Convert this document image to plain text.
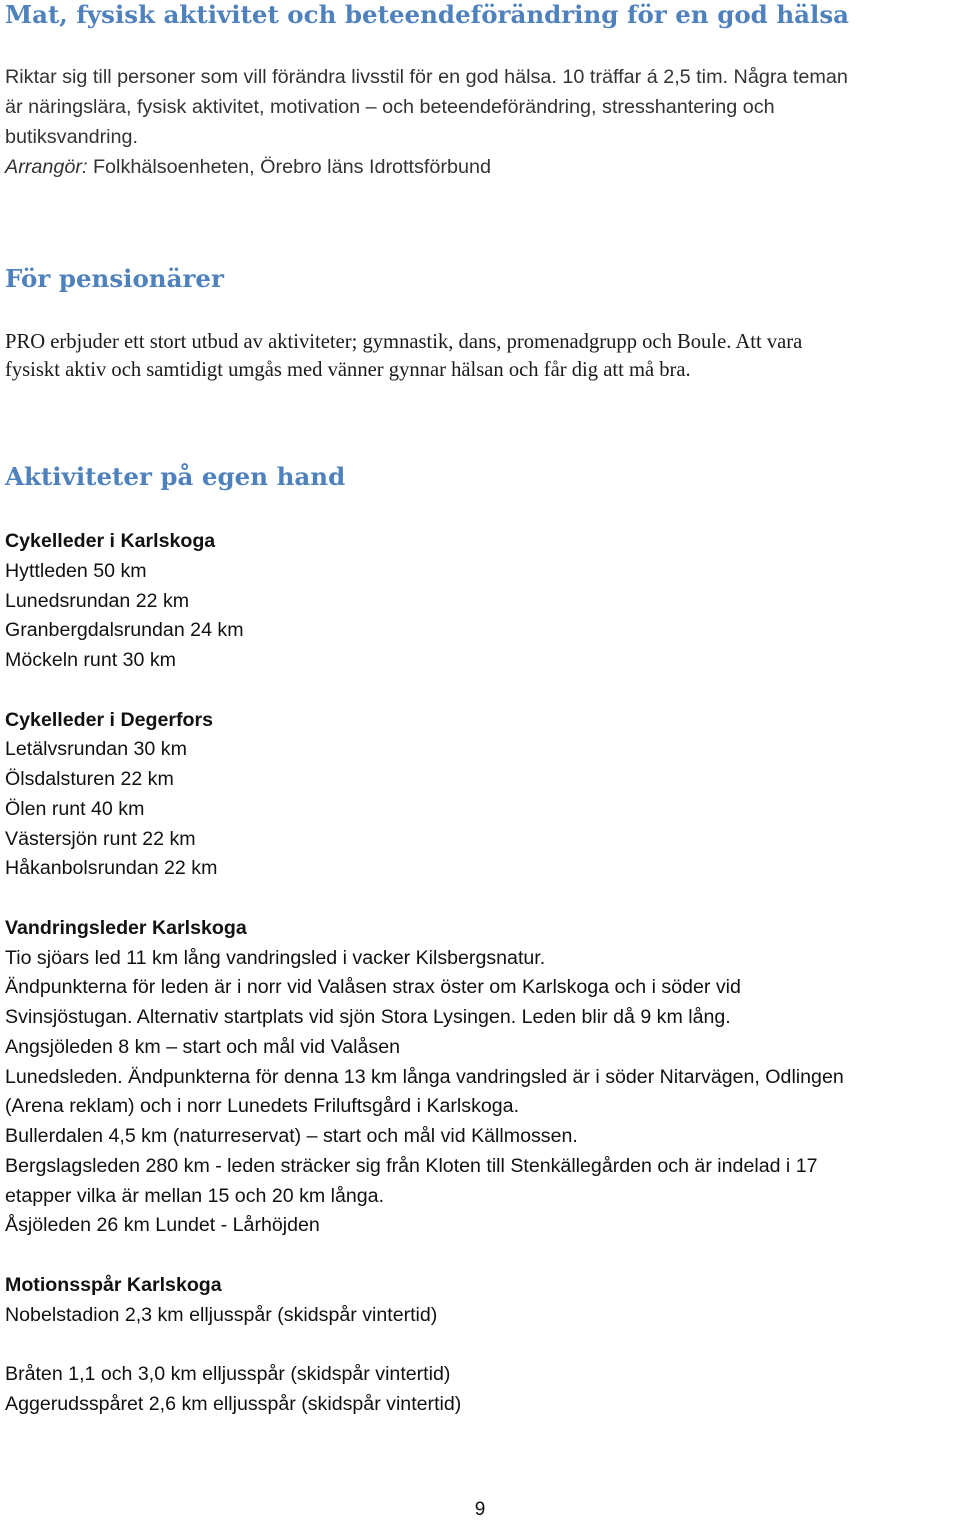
Mat, fysisk aktivitet och beteendeförändring för en god hälsa
Riktar sig till personer som vill förändra livsstil för en god hälsa. 10 träffar á 2,5 tim. Några teman
är näringslära, fysisk aktivitet, motivation – och beteendeförändring, stresshantering och
butiksvandring.
Arrangör: Folkhälsoenheten, Örebro läns Idrottsförbund
För pensionärer
PRO erbjuder ett stort utbud av aktiviteter; gymnastik, dans, promenadgrupp och Boule. Att vara
fysiskt aktiv och samtidigt umgås med vänner gynnar hälsan och får dig att må bra.
Aktiviteter på egen hand
Cykelleder i Karlskoga
Hyttleden 50 km
Lunedsrundan 22 km
Granbergdalsrundan 24 km
Möckeln runt 30 km
Cykelleder i Degerfors
Letälvsrundan 30 km
Ölsdalsturen 22 km
Ölen runt 40 km
Västersjön runt 22 km
Håkanbolsrundan 22 km
Vandringsleder Karlskoga
Tio sjöars led 11 km lång vandringsled i vacker Kilsbergsnatur.
Ändpunkterna för leden är i norr vid Valåsen strax öster om Karlskoga och i söder vid
Svinsjöstugan. Alternativ startplats vid sjön Stora Lysingen. Leden blir då 9 km lång.
Angsjöleden 8 km – start och mål vid Valåsen
Lunedsleden. Ändpunkterna för denna 13 km långa vandringsled är i söder Nitarvägen, Odlingen
(Arena reklam) och i norr Lunedets Friluftsgård i Karlskoga.
Bullerdalen 4,5 km (naturreservat) – start och mål vid Källmossen.
Bergslagsleden 280 km - leden sträcker sig från Kloten till Stenkällegården och är indelad i 17
etapper vilka är mellan 15 och 20 km långa.
Åsjöleden 26 km Lundet - Lårhöjden
Motionsspår Karlskoga
Nobelstadion 2,3 km elljusspår (skidspår vintertid)
Bråten 1,1 och 3,0 km elljusspår (skidspår vintertid)
Aggerudsspåret 2,6 km elljusspår (skidspår vintertid)
9
